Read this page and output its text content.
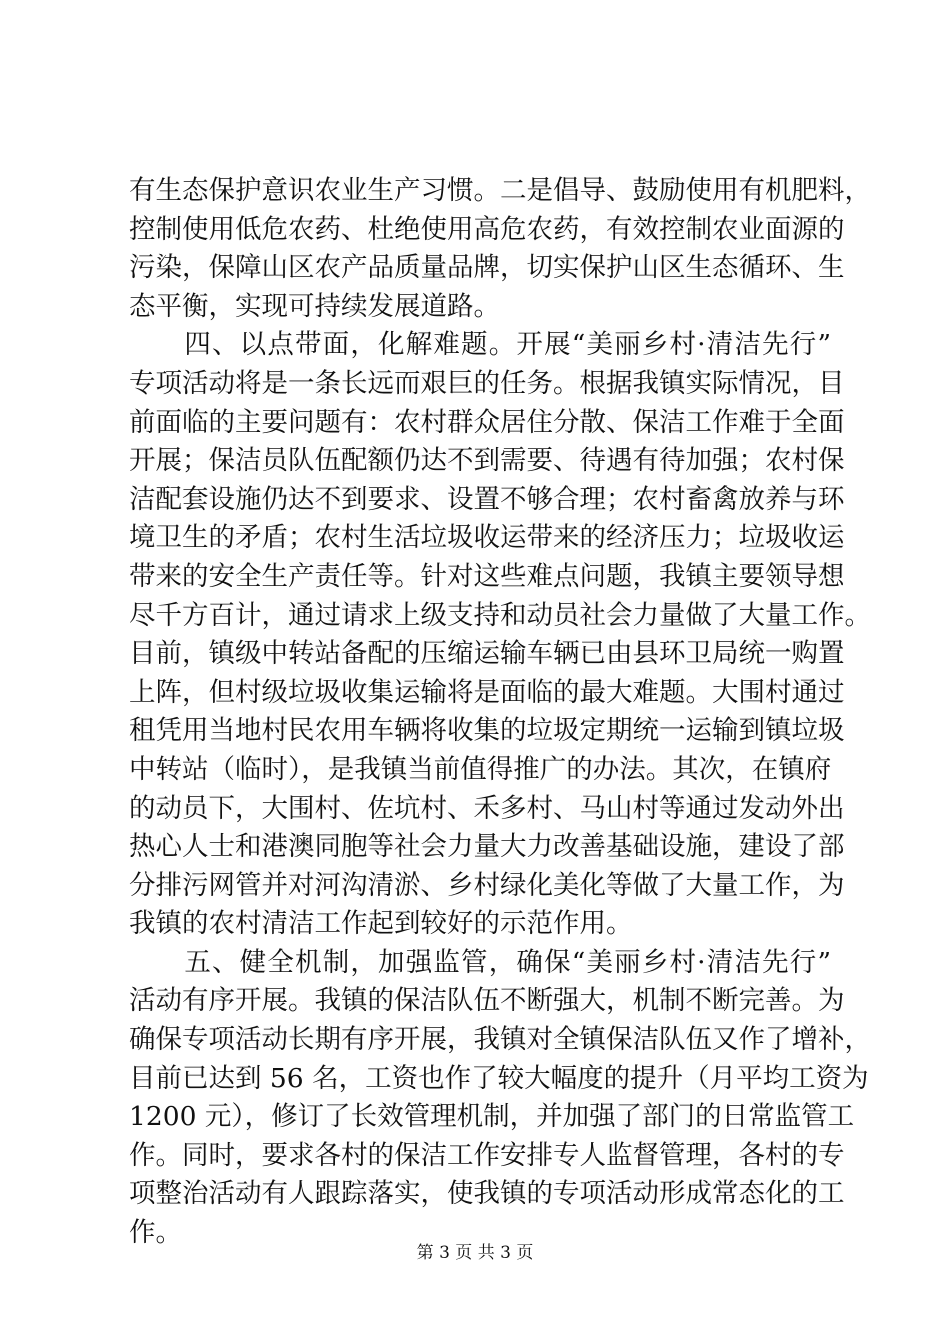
有生态保护意识农业生产习惯。二是倡导、鼓励使用有机肥料，
控制使用低危农药、杜绝使用高危农药，有效控制农业面源的
污染，保障山区农产品质量品牌，切实保护山区生态循环、生
态平衡，实现可持续发展道路。
　　四、以点带面，化解难题。开展“美丽乡村·清洁先行”
专项活动将是一条长远而艰巨的任务。根据我镇实际情况，目
前面临的主要问题有：农村群众居住分散、保洁工作难于全面
开展；保洁员队伍配额仍达不到需要、待遇有待加强；农村保
洁配套设施仍达不到要求、设置不够合理；农村畜禽放养与环
境卫生的矛盾；农村生活垃圾收运带来的经济压力；垃圾收运
带来的安全生产责任等。针对这些难点问题，我镇主要领导想
尽千方百计，通过请求上级支持和动员社会力量做了大量工作。
目前，镇级中转站备配的压缩运输车辆已由县环卫局统一购置
上阵，但村级垃圾收集运输将是面临的最大难题。大围村通过
租凭用当地村民农用车辆将收集的垃圾定期统一运输到镇垃圾
中转站（临时），是我镇当前值得推广的办法。其次，在镇府
的动员下，大围村、佐坑村、禾多村、马山村等通过发动外出
热心人士和港澳同胞等社会力量大力改善基础设施，建设了部
分排污网管并对河沟清淤、乡村绿化美化等做了大量工作，为
我镇的农村清洁工作起到较好的示范作用。
　　五、健全机制，加强监管，确保“美丽乡村·清洁先行”
活动有序开展。我镇的保洁队伍不断强大，机制不断完善。为
确保专项活动长期有序开展，我镇对全镇保洁队伍又作了增补，
目前已达到 56 名，工资也作了较大幅度的提升（月平均工资为
1200 元），修订了长效管理机制，并加强了部门的日常监管工
作。同时，要求各村的保洁工作安排专人监督管理，各村的专
项整治活动有人跟踪落实，使我镇的专项活动形成常态化的工
作。
第 3 页 共 3 页
